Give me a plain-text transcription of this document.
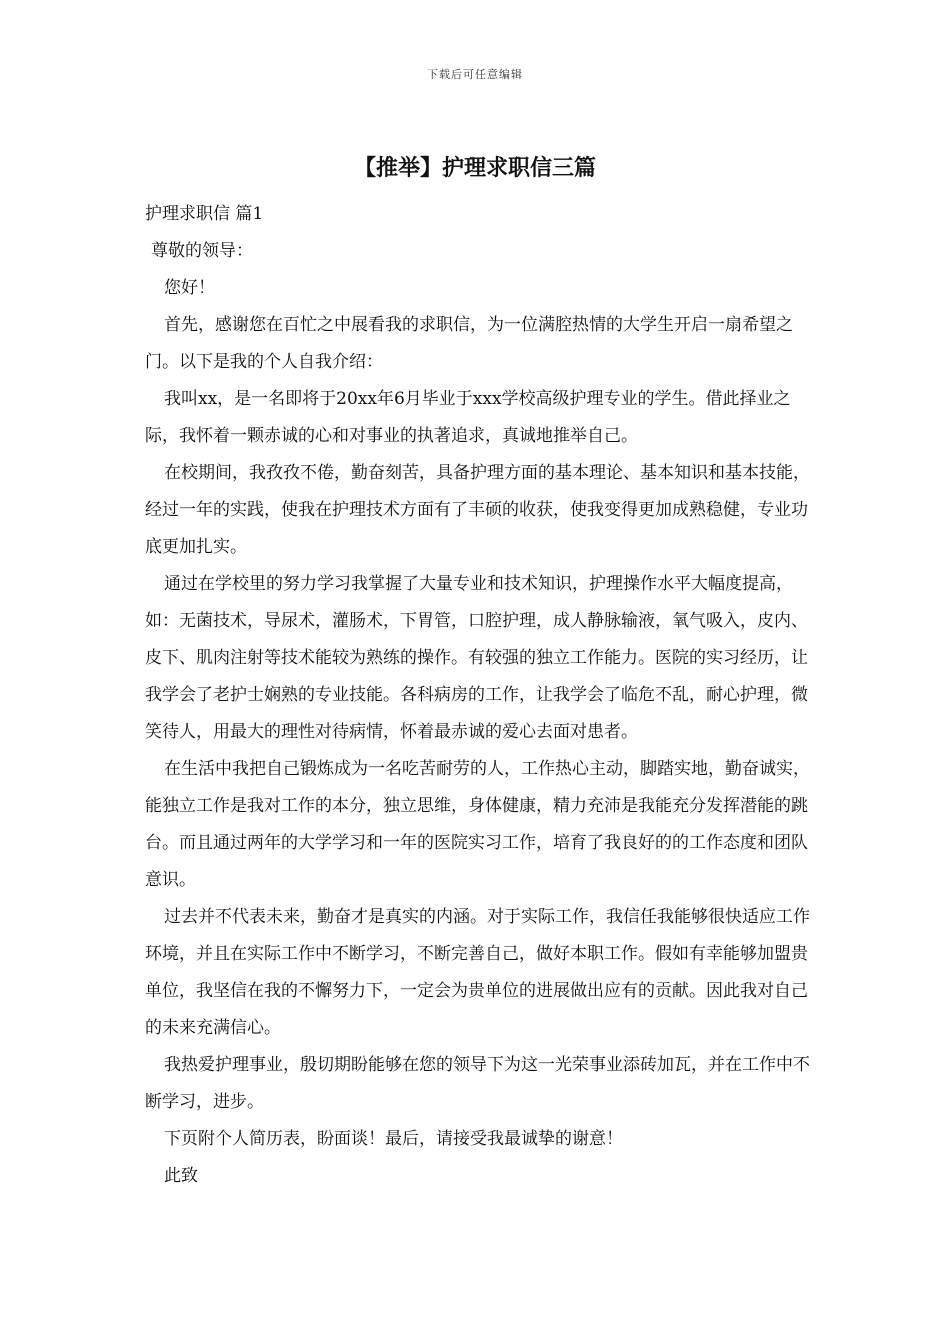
下载后可任意编辑
【推举】护理求职信三篇

护理求职信 篇1

尊敬的领导：

您好！

首先，感谢您在百忙之中展看我的求职信，为一位满腔热情的大学生开启一扇希望之门。以下是我的个人自我介绍：

我叫xx，是一名即将于20xx年6月毕业于xxx学校高级护理专业的学生。借此择业之际，我怀着一颗赤诚的心和对事业的执著追求，真诚地推举自己。

在校期间，我孜孜不倦，勤奋刻苦，具备护理方面的基本理论、基本知识和基本技能，经过一年的实践，使我在护理技术方面有了丰硕的收获，使我变得更加成熟稳健，专业功底更加扎实。

通过在学校里的努力学习我掌握了大量专业和技术知识，护理操作水平大幅度提高，如：无菌技术，导尿术，灌肠术，下胃管，口腔护理，成人静脉输液，氧气吸入，皮内、皮下、肌肉注射等技术能较为熟练的操作。有较强的独立工作能力。医院的实习经历，让我学会了老护士娴熟的专业技能。各科病房的工作，让我学会了临危不乱，耐心护理，微笑待人，用最大的理性对待病情，怀着最赤诚的爱心去面对患者。

在生活中我把自己锻炼成为一名吃苦耐劳的人，工作热心主动，脚踏实地，勤奋诚实，能独立工作是我对工作的本分，独立思维，身体健康，精力充沛是我能充分发挥潜能的跳台。而且通过两年的大学学习和一年的医院实习工作，培育了我良好的的工作态度和团队意识。

过去并不代表未来，勤奋才是真实的内涵。对于实际工作，我信任我能够很快适应工作环境，并且在实际工作中不断学习，不断完善自己，做好本职工作。假如有幸能够加盟贵单位，我坚信在我的不懈努力下，一定会为贵单位的进展做出应有的贡献。因此我对自己的未来充满信心。

我热爱护理事业，殷切期盼能够在您的领导下为这一光荣事业添砖加瓦，并在工作中不断学习，进步。

下页附个人简历表，盼面谈！最后，请接受我最诚挚的谢意！

此致
